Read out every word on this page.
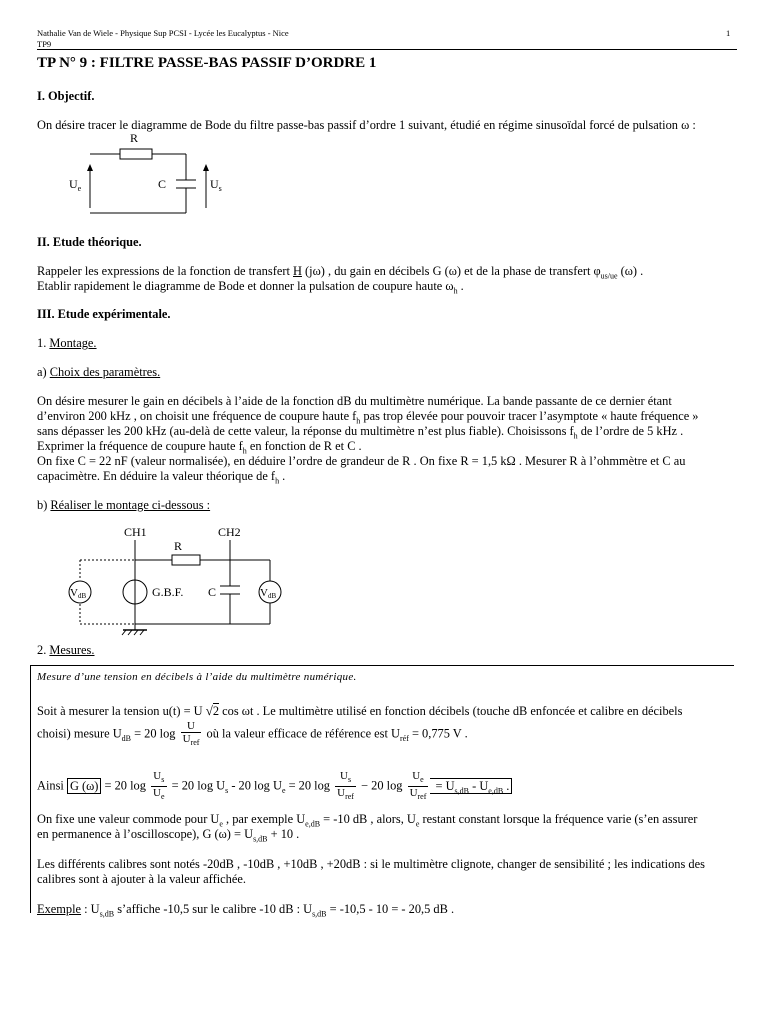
Nathalie Van de Wiele - Physique Sup PCSI - Lycée les Eucalyptus - Nice
TP9
1
TP N° 9 : FILTRE PASSE-BAS PASSIF D’ORDRE 1
I. Objectif.
On désire tracer le diagramme de Bode du filtre passe-bas passif d’ordre 1 suivant, étudié en régime sinusoïdal forcé de pulsation ω :
R
C
$U_e$	$U_s$
II. Etude théorique.
Rappeler les expressions de la fonction de transfert H (jω) , du gain en décibels G (ω) et de la phase de transfert $\varphi_{us/ue}$ (ω) .
Etablir rapidement le diagramme de Bode et donner la pulsation de coupure haute $\omega_h$ .
III. Etude expérimentale.
1. Montage.
a) Choix des paramètres.
On désire mesurer le gain en décibels à l’aide de la fonction dB du multimètre numérique. La bande passante de ce dernier étant
d’environ 200 kHz , on choisit une fréquence de coupure haute $f_h$ pas trop élevée pour pouvoir tracer l’asymptote « haute fréquence »
sans dépasser les 200 kHz (au-delà de cette valeur, la réponse du multimètre n’est plus fiable). Choisissons $f_h$ de l’ordre de 5 kHz .
Exprimer la fréquence de coupure haute $f_h$ en fonction de R et C .
On fixe C = 22 nF (valeur normalisée), en déduire l’ordre de grandeur de R . On fixe R = 1,5 kΩ . Mesurer R à l’ohmmètre et C au
capacimètre. En déduire la valeur théorique de $f_h$ .
b) Réaliser le montage ci-dessous :
CH1	CH2
R
VdB	G.B.F. C	VdB
2. Mesures.
Mesure d’une tension en décibels à l’aide du multimètre numérique.
Soit à mesurer la tension u(t) = U √2 cos ωt . Le multimètre utilisé en fonction décibels (touche dB enfoncée et calibre en décibels
choisi) mesure $U_{dB} = 20$ $\log \frac{U}{U_{ref}}$ où la valeur efficace de référence est $U_{réf} = 0,775$ V .
Ainsi G (ω) = 20 $\log \frac{U_s}{U_e} = 20$ $\log U_s - 20$ $\log U_e = 20$ $\log \frac{U_s}{U_{ref}} - 20$ $\log \frac{U_e}{U_{ref}} = U_{s,dB} - U_{e,dB}$ .
On fixe une valeur commode pour $U_e$ , par exemple $U_{e,dB} = -10$ dB , alors, $U_e$ restant constant lorsque la fréquence varie (s’en assurer
en permanence à l’oscilloscope), G $(\omega) = U_{s,dB} + 10$ .
Les différents calibres sont notés -20dB , -10dB , +10dB , +20dB : si le multimètre clignote, changer de sensibilité ; les indications des
calibres sont à ajouter à la valeur affichée.
Exemple : $U_{s,dB}$ s’affiche -10,5 sur le calibre -10 dB : $U_{s,dB} = -10,5 - 10$ = - 20,5 dB .
